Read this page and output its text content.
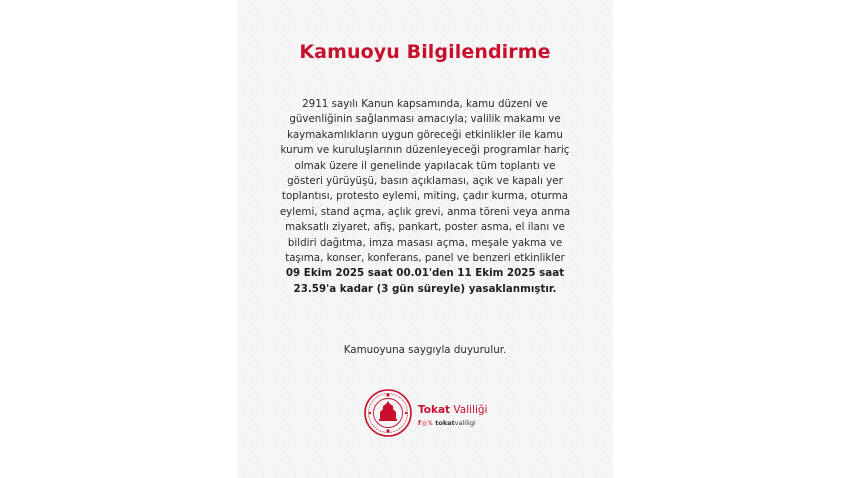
Kamuoyu Bilgilendirme
2911 sayılı Kanun kapsamında, kamu düzeni ve güvenliğinin sağlanması amacıyla; valilik makamı ve kaymakamlıkların uygun göreceği etkinlikler ile kamu kurum ve kuruluşlarının düzenleyeceği programlar hariç olmak üzere il genelinde yapılacak tüm toplantı ve gösteri yürüyüşü, basın açıklaması, açık ve kapalı yer toplantısı, protesto eylemi, miting, çadır kurma, oturma eylemi, stand açma, açlık grevi, anma töreni veya anma maksatlı ziyaret, afiş, pankart, poster asma, el ilanı ve bildiri dağıtma, imza masası açma, meşale yakma ve taşıma, konser, konferans, panel ve benzeri etkinlikler 09 Ekim 2025 saat 00.01'den 11 Ekim 2025 saat 23.59'a kadar (3 gün süreyle) yasaklanmıştır.
Kamuoyuna saygıyla duyurulur.
Tokat Valiliği
f◎𝕏 tokat valiligi
